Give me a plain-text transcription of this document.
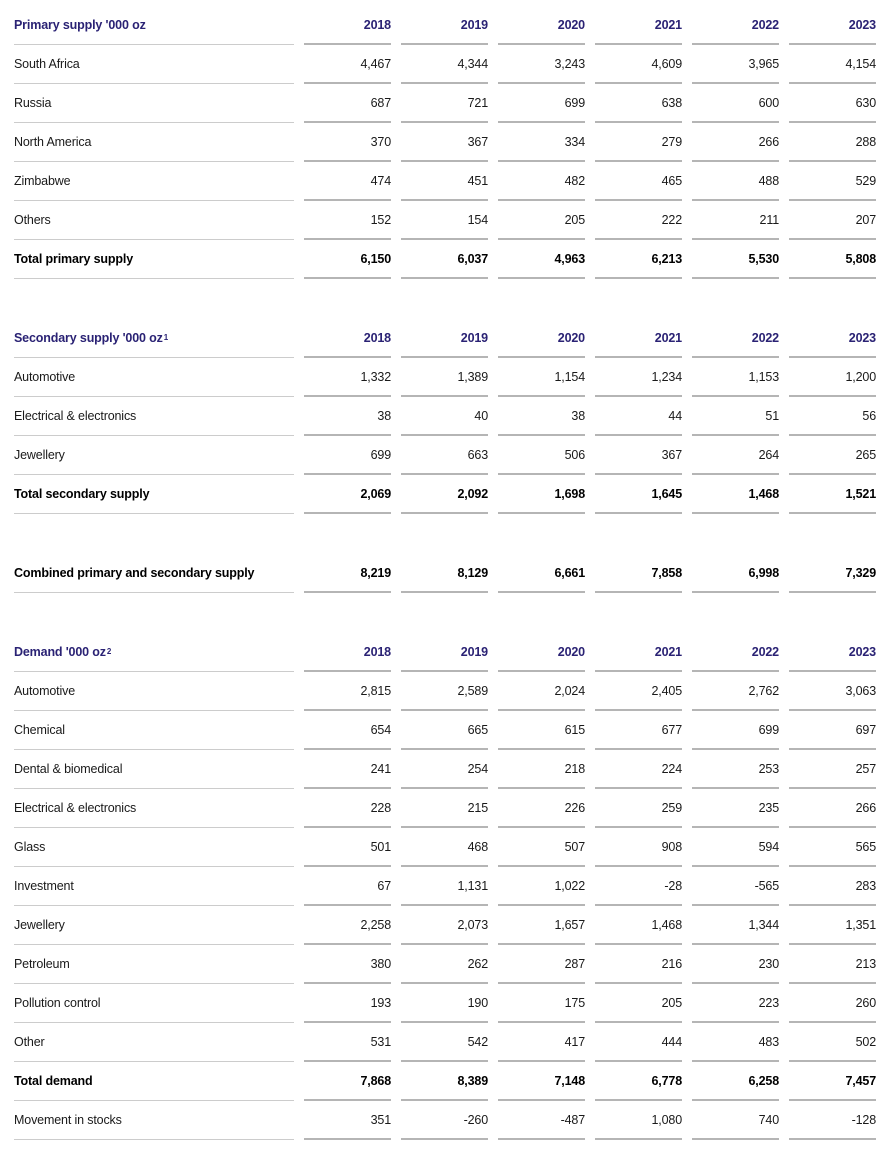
Primary supply '000 oz	2018	2019	2020	2021	2022	2023
South Africa	4,467	4,344	3,243	4,609	3,965	4,154
Russia	687	721	699	638	600	630
North America	370	367	334	279	266	288
Zimbabwe	474	451	482	465	488	529
Others	152	154	205	222	211	207
Total primary supply	6,150	6,037	4,963	6,213	5,530	5,808
Secondary supply '000 oz 1	2018	2019	2020	2021	2022	2023
Automotive	1,332	1,389	1,154	1,234	1,153	1,200
Electrical & electronics	38	40	38	44	51	56
Jewellery	699	663	506	367	264	265
Total secondary supply	2,069	2,092	1,698	1,645	1,468	1,521
Combined primary and secondary supply	8,219	8,129	6,661	7,858	6,998	7,329
Demand '000 oz 2	2018	2019	2020	2021	2022	2023
Automotive	2,815	2,589	2,024	2,405	2,762	3,063
Chemical	654	665	615	677	699	697
Dental & biomedical	241	254	218	224	253	257
Electrical & electronics	228	215	226	259	235	266
Glass	501	468	507	908	594	565
Investment	67	1,131	1,022	-28	-565	283
Jewellery	2,258	2,073	1,657	1,468	1,344	1,351
Petroleum	380	262	287	216	230	213
Pollution control	193	190	175	205	223	260
Other	531	542	417	444	483	502
Total demand	7,868	8,389	7,148	6,778	6,258	7,457
Movement in stocks	351	-260	-487	1,080	740	-128
